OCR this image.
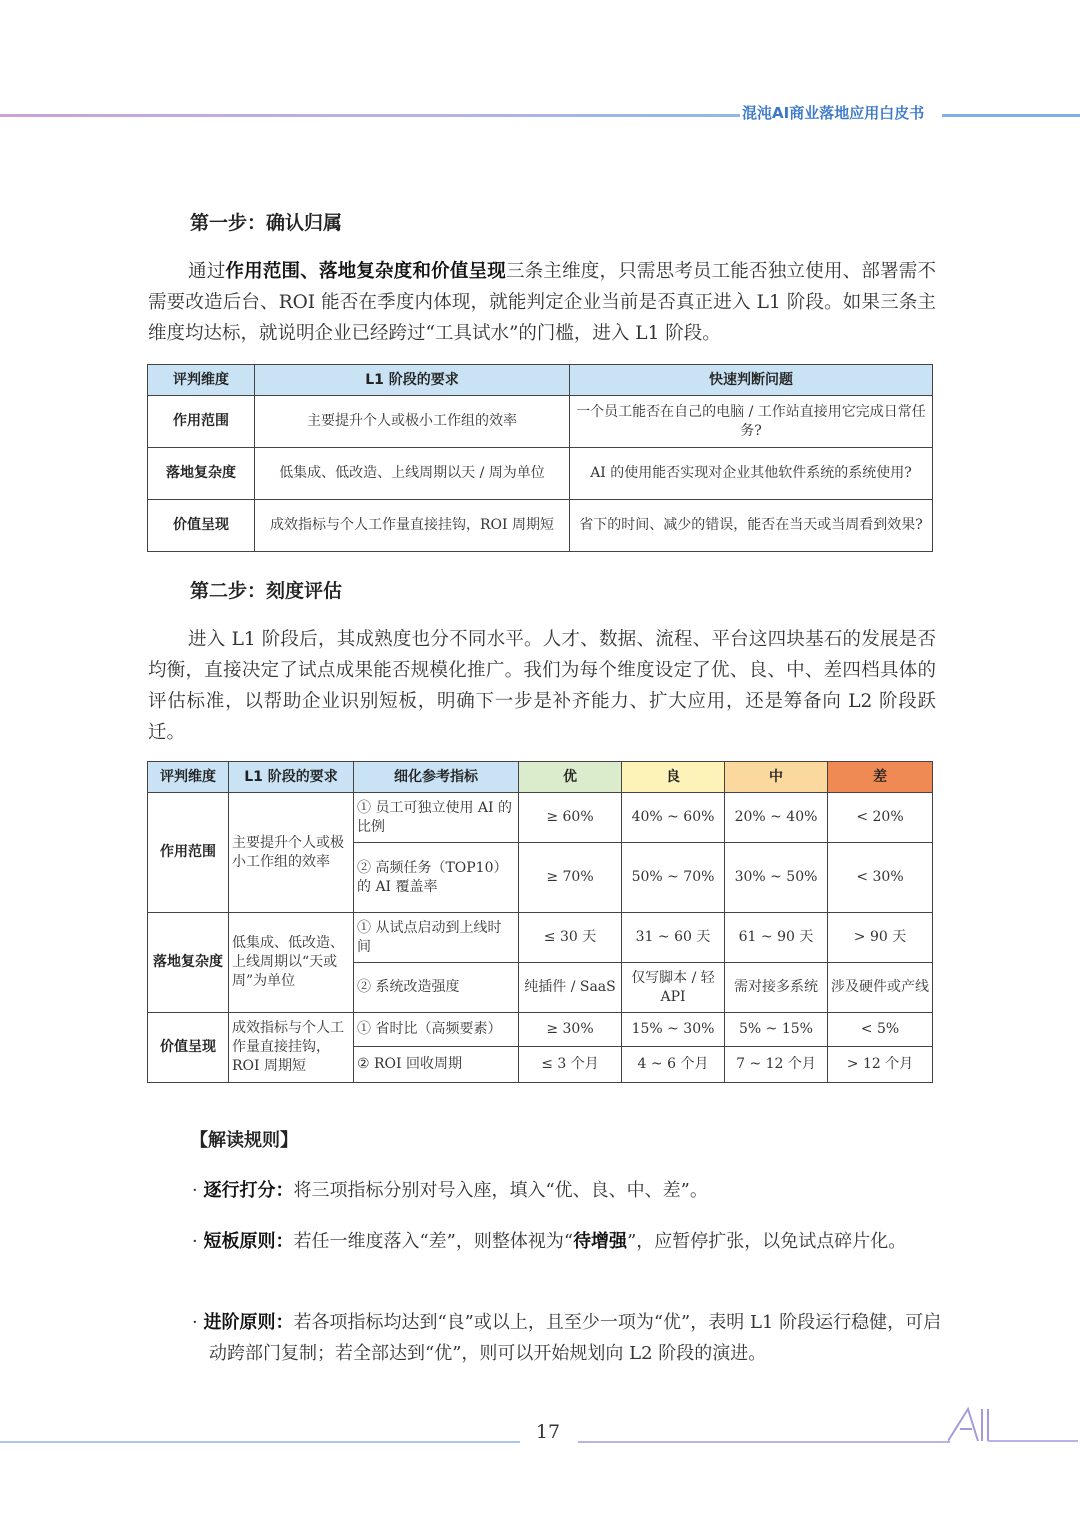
混沌AI商业落地应用白皮书
第一步：确认归属
通过作用范围、落地复杂度和价值呈现三条主维度，只需思考员工能否独立使用、部署需不需要改造后台、ROI 能否在季度内体现，就能判定企业当前是否真正进入 L1 阶段。如果三条主维度均达标，就说明企业已经跨过“工具试水”的门槛，进入 L1 阶段。
评判维度	L1 阶段的要求	快速判断问题
作用范围	主要提升个人或极小工作组的效率	一个员工能否在自己的电脑 / 工作站直接用它完成日常任务?
落地复杂度	低集成、低改造、上线周期以天 / 周为单位	AI 的使用能否实现对企业其他软件系统的系统使用?
价值呈现	成效指标与个人工作量直接挂钩，ROI 周期短	省下的时间、减少的错误，能否在当天或当周看到效果?
第二步：刻度评估
进入 L1 阶段后，其成熟度也分不同水平。人才、数据、流程、平台这四块基石的发展是否均衡，直接决定了试点成果能否规模化推广。我们为每个维度设定了优、良、中、差四档具体的评估标准，以帮助企业识别短板，明确下一步是补齐能力、扩大应用，还是筹备向 L2 阶段跃迁。
评判维度	L1 阶段的要求	细化参考指标	优	良	中	差
作用范围	主要提升个人或极小工作组的效率	① 员工可独立使用 AI 的比例	≥ 60%	40% ~ 60%	20% ~ 40%	< 20%
		② 高频任务（TOP10）的 AI 覆盖率	≥ 70%	50% ~ 70%	30% ~ 50%	< 30%
落地复杂度	低集成、低改造、上线周期以“天或周”为单位	① 从试点启动到上线时间	≤ 30 天	31 ~ 60 天	61 ~ 90 天	> 90 天
		② 系统改造强度	纯插件 / SaaS	仅写脚本 / 轻 API	需对接多系统	涉及硬件或产线
价值呈现	成效指标与个人工作量直接挂钩，ROI 周期短	① 省时比（高频要素）	≥ 30%	15% ~ 30%	5% ~ 15%	< 5%
		② ROI 回收周期	≤ 3 个月	4 ~ 6 个月	7 ~ 12 个月	> 12 个月
【解读规则】
· 逐行打分：将三项指标分别对号入座，填入“优、良、中、差”。
· 短板原则：若任一维度落入“差”，则整体视为“待增强”，应暂停扩张，以免试点碎片化。
· 进阶原则：若各项指标均达到“良”或以上，且至少一项为“优”，表明 L1 阶段运行稳健，可启动跨部门复制；若全部达到“优”，则可以开始规划向 L2 阶段的演进。
17
